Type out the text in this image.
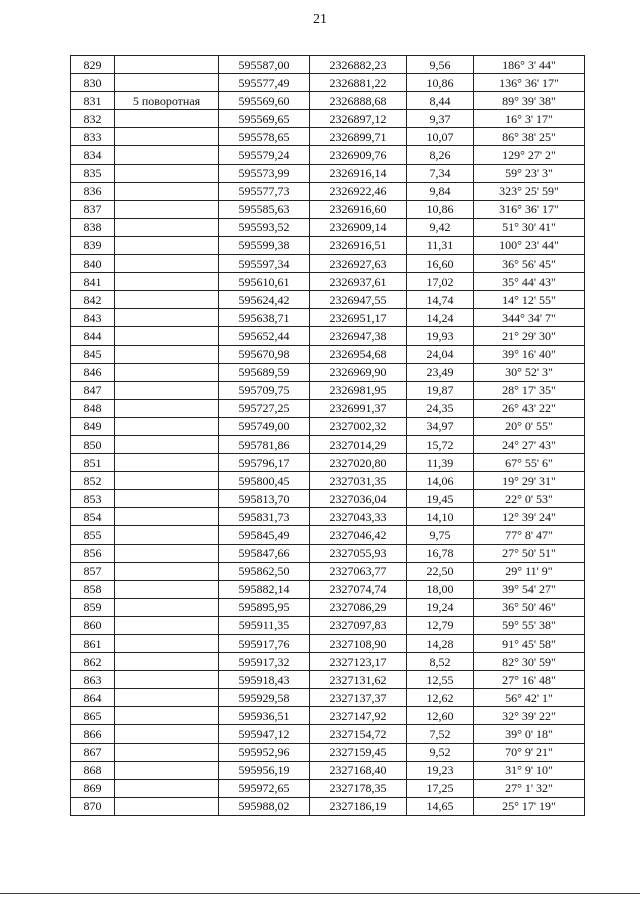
21
829		595587,00	2326882,23	9,56	186° 3' 44"
830		595577,49	2326881,22	10,86	136° 36' 17"
831	5 поворотная	595569,60	2326888,68	8,44	89° 39' 38"
832		595569,65	2326897,12	9,37	16° 3' 17"
833		595578,65	2326899,71	10,07	86° 38' 25"
834		595579,24	2326909,76	8,26	129° 27' 2"
835		595573,99	2326916,14	7,34	59° 23' 3"
836		595577,73	2326922,46	9,84	323° 25' 59"
837		595585,63	2326916,60	10,86	316° 36' 17"
838		595593,52	2326909,14	9,42	51° 30' 41"
839		595599,38	2326916,51	11,31	100° 23' 44"
840		595597,34	2326927,63	16,60	36° 56' 45"
841		595610,61	2326937,61	17,02	35° 44' 43"
842		595624,42	2326947,55	14,74	14° 12' 55"
843		595638,71	2326951,17	14,24	344° 34' 7"
844		595652,44	2326947,38	19,93	21° 29' 30"
845		595670,98	2326954,68	24,04	39° 16' 40"
846		595689,59	2326969,90	23,49	30° 52' 3"
847		595709,75	2326981,95	19,87	28° 17' 35"
848		595727,25	2326991,37	24,35	26° 43' 22"
849		595749,00	2327002,32	34,97	20° 0' 55"
850		595781,86	2327014,29	15,72	24° 27' 43"
851		595796,17	2327020,80	11,39	67° 55' 6"
852		595800,45	2327031,35	14,06	19° 29' 31"
853		595813,70	2327036,04	19,45	22° 0' 53"
854		595831,73	2327043,33	14,10	12° 39' 24"
855		595845,49	2327046,42	9,75	77° 8' 47"
856		595847,66	2327055,93	16,78	27° 50' 51"
857		595862,50	2327063,77	22,50	29° 11' 9"
858		595882,14	2327074,74	18,00	39° 54' 27"
859		595895,95	2327086,29	19,24	36° 50' 46"
860		595911,35	2327097,83	12,79	59° 55' 38"
861		595917,76	2327108,90	14,28	91° 45' 58"
862		595917,32	2327123,17	8,52	82° 30' 59"
863		595918,43	2327131,62	12,55	27° 16' 48"
864		595929,58	2327137,37	12,62	56° 42' 1"
865		595936,51	2327147,92	12,60	32° 39' 22"
866		595947,12	2327154,72	7,52	39° 0' 18"
867		595952,96	2327159,45	9,52	70° 9' 21"
868		595956,19	2327168,40	19,23	31° 9' 10"
869		595972,65	2327178,35	17,25	27° 1' 32"
870		595988,02	2327186,19	14,65	25° 17' 19"
